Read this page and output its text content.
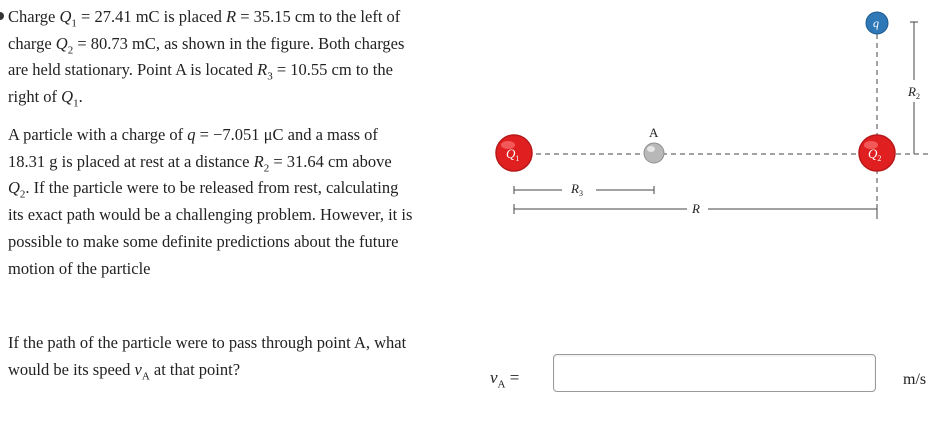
Charge $Q_1 = 27.41$ mC is placed R = 35.15 cm to the left of
charge $Q_2 = 80.73$ mC, as shown in the figure. Both charges
are held stationary. Point A is located $R_3 = 10.55$ cm to the
right of $Q_1$.
A particle with a charge of q = −7.051 μC and a mass of
18.31 g is placed at rest at a distance $R_2 = 31.64$ cm above
$Q_2$. If the particle were to be released from rest, calculating
its exact path would be a challenging problem. However, it is
possible to make some definite predictions about the future
motion of the particle
If the path of the particle were to pass through point A, what
would be its speed $v_A$ at that point?
$R_2$
$R_3$
R
$Q_1$
A
$Q_2$
q
$v_A$ =	m/s
